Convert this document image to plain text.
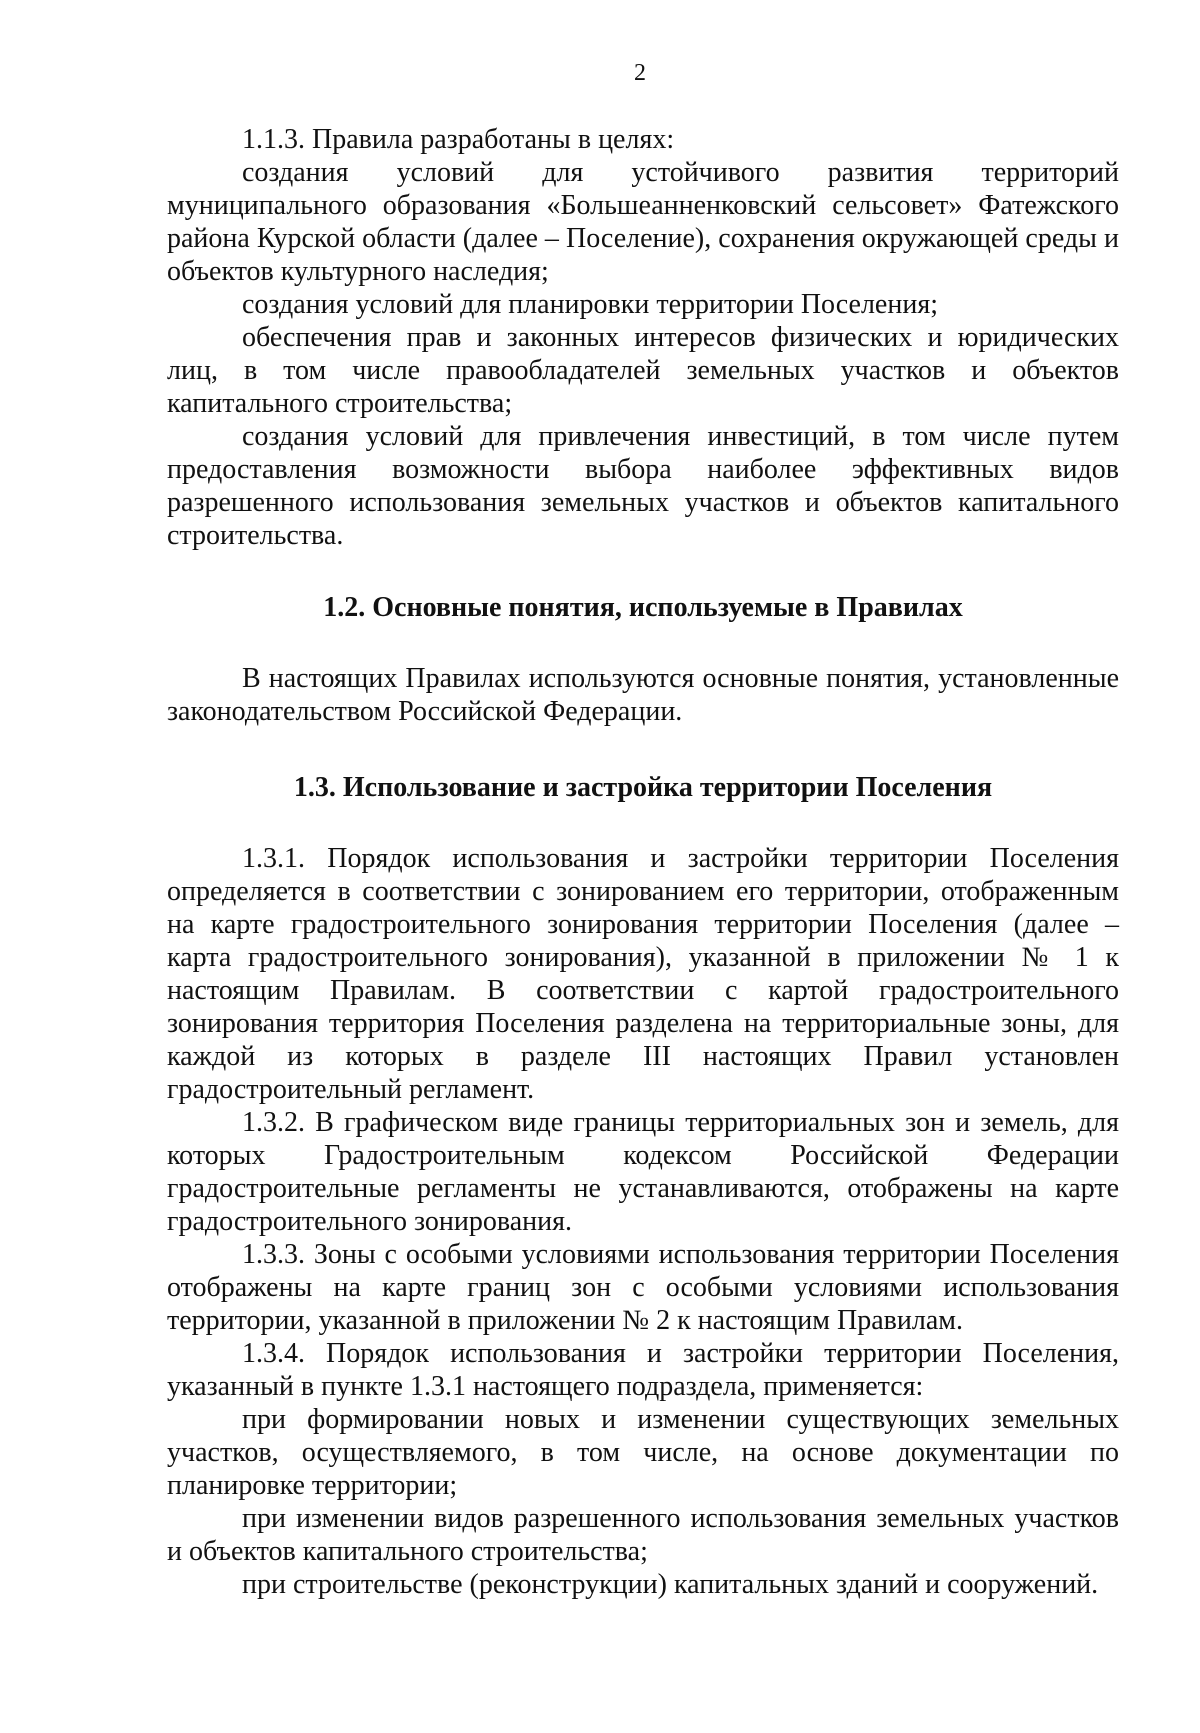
2

1.1.3. Правила разработаны в целях:

создания условий для устойчивого развития территорий муниципального образования «Большеанненковский сельсовет» Фатежского района Курской области (далее – Поселение), сохранения окружающей среды и объектов культурного наследия;

создания условий для планировки территории Поселения;

обеспечения прав и законных интересов физических и юридических лиц, в том числе правообладателей земельных участков и объектов капитального строительства;

создания условий для привлечения инвестиций, в том числе путем предоставления возможности выбора наиболее эффективных видов разрешенного использования земельных участков и объектов капитального строительства.

1.2. Основные понятия, используемые в Правилах

В настоящих Правилах используются основные понятия, установленные законодательством Российской Федерации.

1.3. Использование и застройка территории Поселения

1.3.1. Порядок использования и застройки территории Поселения определяется в соответствии с зонированием его территории, отображенным на карте градостроительного зонирования территории Поселения (далее – карта градостроительного зонирования), указанной в приложении № 1 к настоящим Правилам. В соответствии с картой градостроительного зонирования территория Поселения разделена на территориальные зоны, для каждой из которых в разделе III настоящих Правил установлен градостроительный регламент.

1.3.2. В графическом виде границы территориальных зон и земель, для которых Градостроительным кодексом Российской Федерации градостроительные регламенты не устанавливаются, отображены на карте градостроительного зонирования.

1.3.3. Зоны с особыми условиями использования территории Поселения отображены на карте границ зон с особыми условиями использования территории, указанной в приложении № 2 к настоящим Правилам.

1.3.4. Порядок использования и застройки территории Поселения, указанный в пункте 1.3.1 настоящего подраздела, применяется:

при формировании новых и изменении существующих земельных участков, осуществляемого, в том числе, на основе документации по планировке территории;

при изменении видов разрешенного использования земельных участков и объектов капитального строительства;

при строительстве (реконструкции) капитальных зданий и сооружений.
